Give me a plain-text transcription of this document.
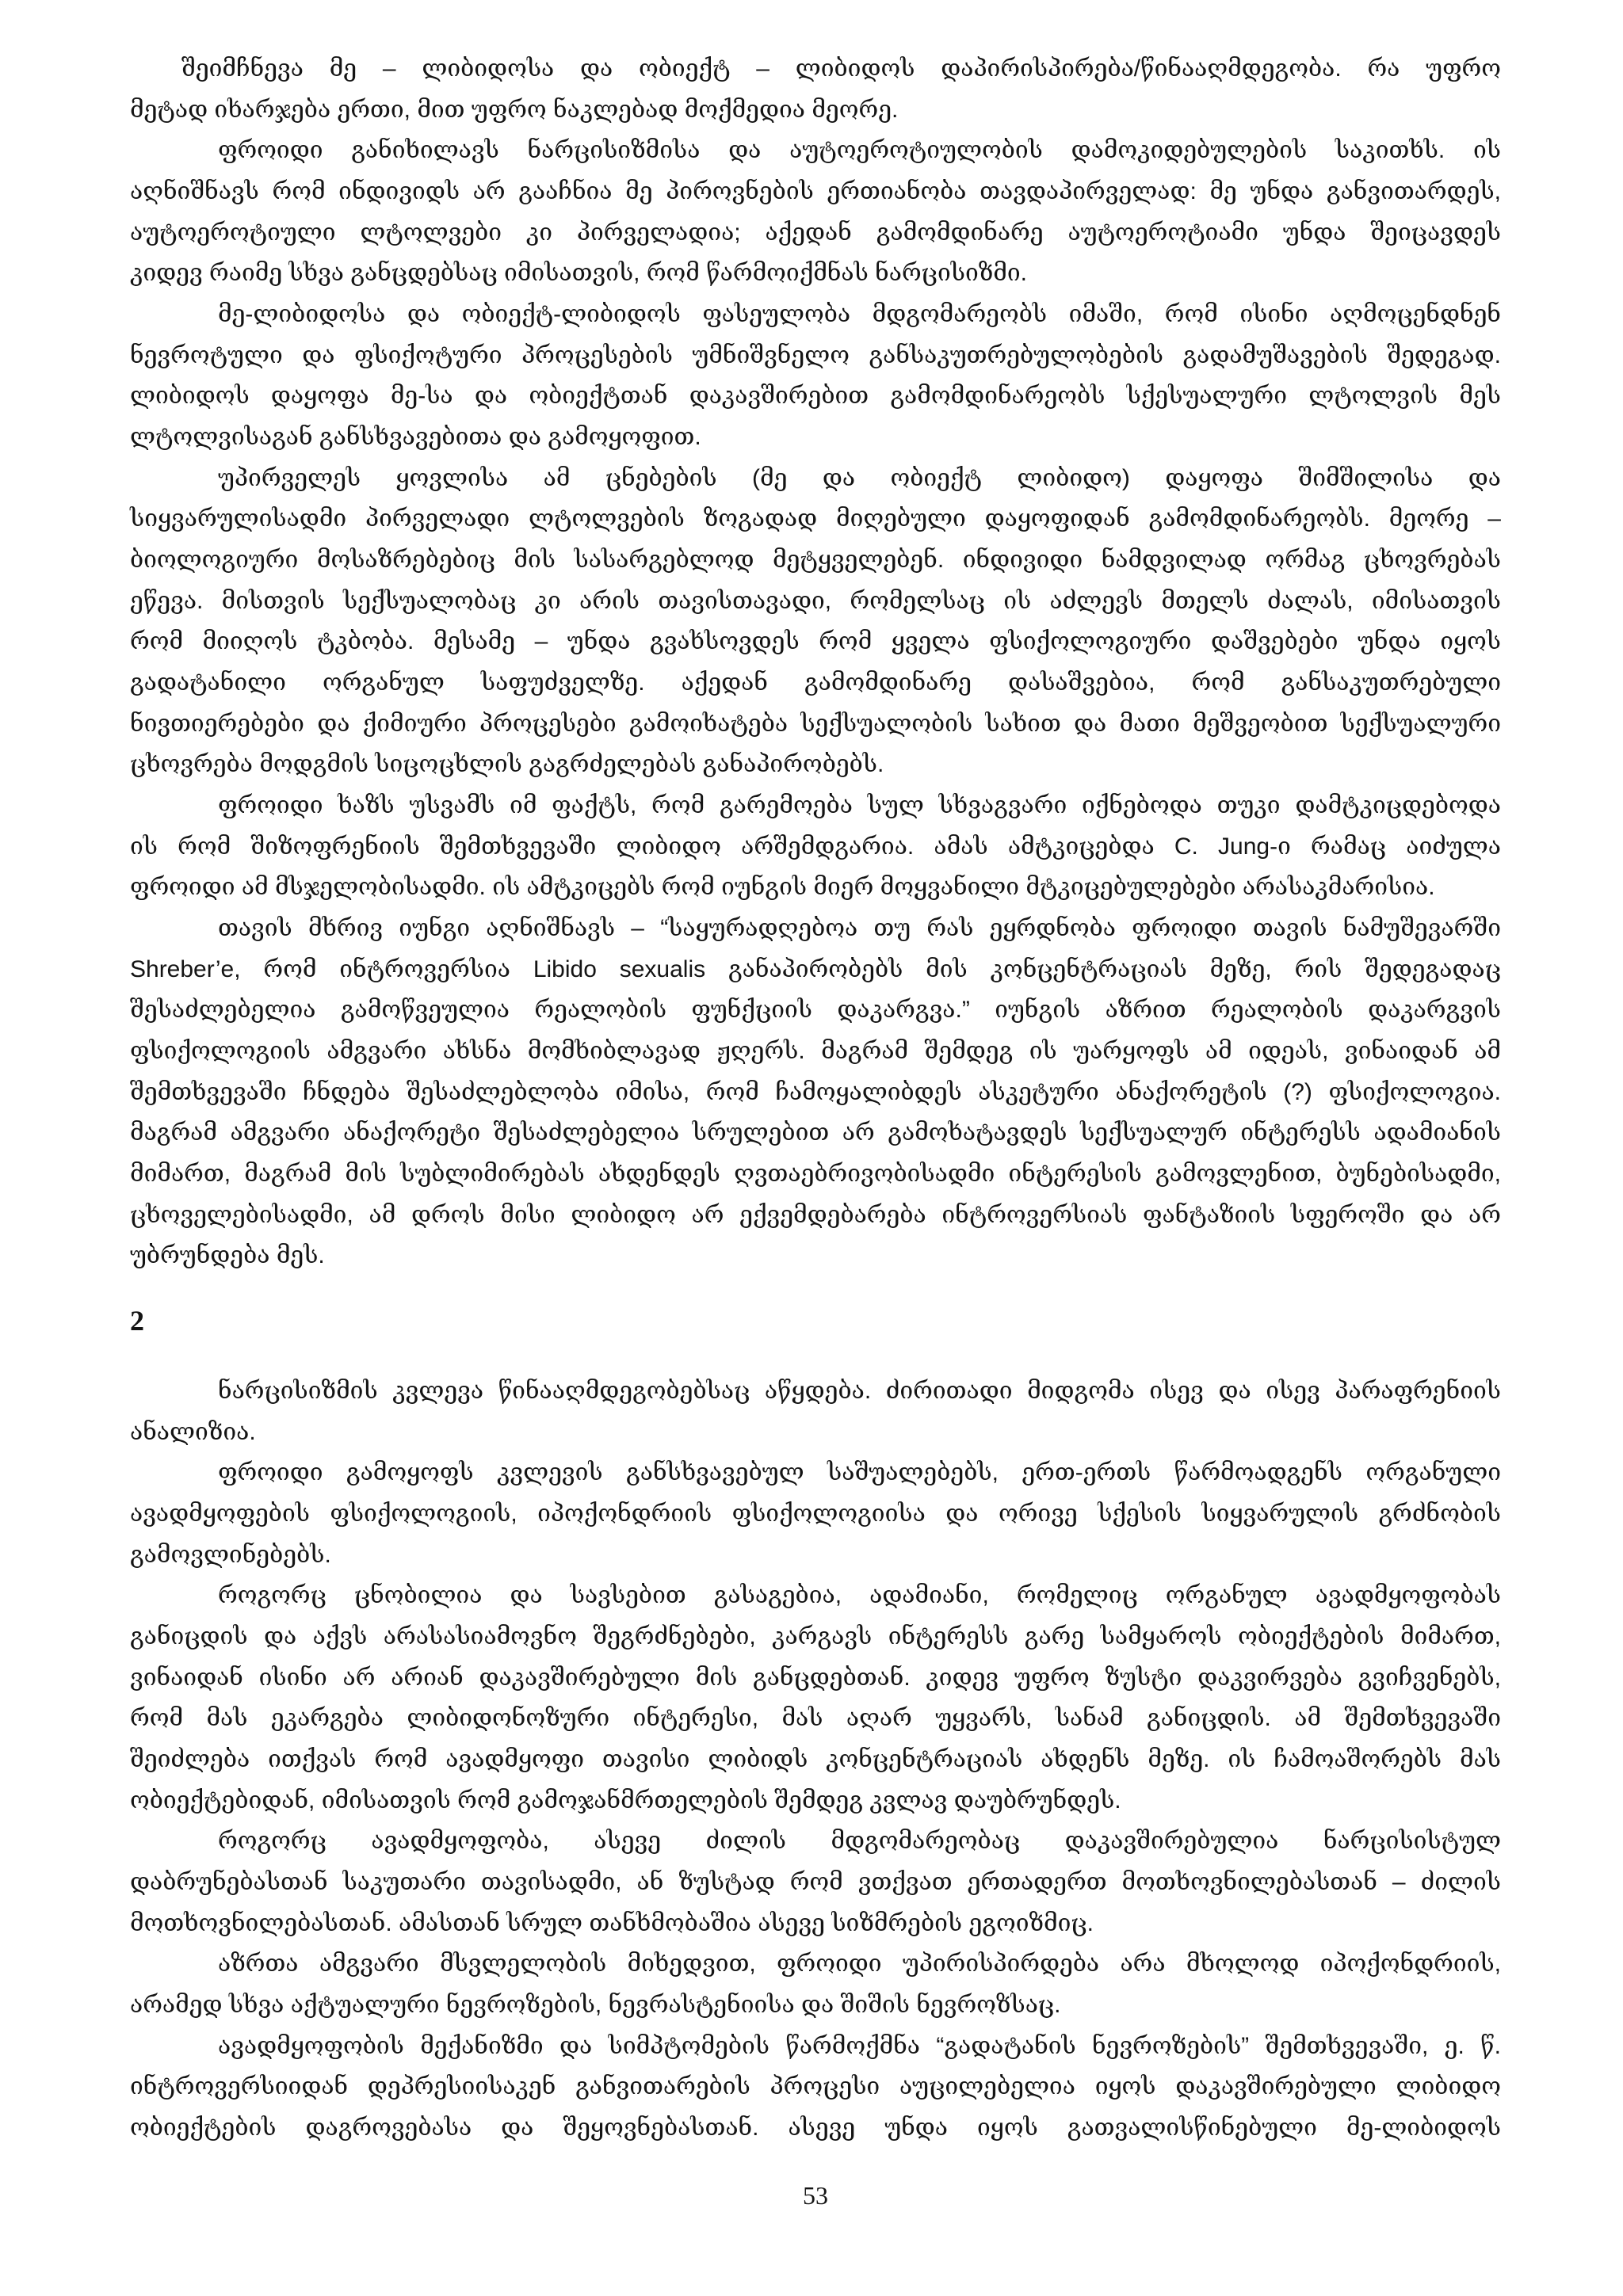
შეიმჩნევა მე – ლიბიდოსა და ობიექტ – ლიბიდოს დაპირისპირება/წინააღმდეგობა. რა უფრო
მეტად იხარჯება ერთი, მით უფრო ნაკლებად მოქმედია მეორე.
ფროიდი განიხილავს ნარცისიზმისა და აუტოეროტიულობის დამოკიდებულების საკითხს. ის
აღნიშნავს რომ ინდივიდს არ გააჩნია მე პიროვნების ერთიანობა თავდაპირველად: მე უნდა განვითარდეს,
აუტოეროტიული ლტოლვები კი პირველადია; აქედან გამომდინარე აუტოეროტიამი უნდა შეიცავდეს
კიდევ რაიმე სხვა განცდებსაც იმისათვის, რომ წარმოიქმნას ნარცისიზმი.
მე-ლიბიდოსა და ობიექტ-ლიბიდოს ფასეულობა მდგომარეობს იმაში, რომ ისინი აღმოცენდნენ
ნევროტული და ფსიქოტური პროცესების უმნიშვნელო განსაკუთრებულობების გადამუშავების შედეგად.
ლიბიდოს დაყოფა მე-სა და ობიექტთან დაკავშირებით გამომდინარეობს სქესუალური ლტოლვის მეს
ლტოლვისაგან განსხვავებითა და გამოყოფით.
უპირველეს ყოვლისა ამ ცნებების (მე და ობიექტ ლიბიდო) დაყოფა შიმშილისა და
სიყვარულისადმი პირველადი ლტოლვების ზოგადად მიღებული დაყოფიდან გამომდინარეობს. მეორე –
ბიოლოგიური მოსაზრებებიც მის სასარგებლოდ მეტყველებენ. ინდივიდი ნამდვილად ორმაგ ცხოვრებას
ეწევა. მისთვის სექსუალობაც კი არის თავისთავადი, რომელსაც ის აძლევს მთელს ძალას, იმისათვის
რომ მიიღოს ტკბობა. მესამე – უნდა გვახსოვდეს რომ ყველა ფსიქოლოგიური დაშვებები უნდა იყოს
გადატანილი ორგანულ საფუძველზე. აქედან გამომდინარე დასაშვებია, რომ განსაკუთრებული
ნივთიერებები და ქიმიური პროცესები გამოიხატება სექსუალობის სახით და მათი მეშვეობით სექსუალური
ცხოვრება მოდგმის სიცოცხლის გაგრძელებას განაპირობებს.
ფროიდი ხაზს უსვამს იმ ფაქტს, რომ გარემოება სულ სხვაგვარი იქნებოდა თუკი დამტკიცდებოდა
ის რომ შიზოფრენიის შემთხვევაში ლიბიდო არშემდგარია. ამას ამტკიცებდა C. Jung-ი რამაც აიძულა
ფროიდი ამ მსჯელობისადმი. ის ამტკიცებს რომ იუნგის მიერ მოყვანილი მტკიცებულებები არასაკმარისია.
თავის მხრივ იუნგი აღნიშნავს – “საყურადღებოა თუ რას ეყრდნობა ფროიდი თავის ნამუშევარში
Shreber’e, რომ ინტროვერსია Libido sexualis განაპირობებს მის კონცენტრაციას მეზე, რის შედეგადაც
შესაძლებელია გამოწვეულია რეალობის ფუნქციის დაკარგვა.” იუნგის აზრით რეალობის დაკარგვის
ფსიქოლოგიის ამგვარი ახსნა მომხიბლავად ჟღერს. მაგრამ შემდეგ ის უარყოფს ამ იდეას, ვინაიდან ამ
შემთხვევაში ჩნდება შესაძლებლობა იმისა, რომ ჩამოყალიბდეს ასკეტური ანაქორეტის (?) ფსიქოლოგია.
მაგრამ ამგვარი ანაქორეტი შესაძლებელია სრულებით არ გამოხატავდეს სექსუალურ ინტერესს ადამიანის
მიმართ, მაგრამ მის სუბლიმირებას ახდენდეს ღვთაებრივობისადმი ინტერესის გამოვლენით, ბუნებისადმი,
ცხოველებისადმი, ამ დროს მისი ლიბიდო არ ექვემდებარება ინტროვერსიას ფანტაზიის სფეროში და არ
უბრუნდება მეს.
2
ნარცისიზმის კვლევა წინააღმდეგობებსაც აწყდება. ძირითადი მიდგომა ისევ და ისევ პარაფრენიის
ანალიზია.
ფროიდი გამოყოფს კვლევის განსხვავებულ საშუალებებს, ერთ-ერთს წარმოადგენს ორგანული
ავადმყოფების ფსიქოლოგიის, იპოქონდრიის ფსიქოლოგიისა და ორივე სქესის სიყვარულის გრძნობის
გამოვლინებებს.
როგორც ცნობილია და სავსებით გასაგებია, ადამიანი, რომელიც ორგანულ ავადმყოფობას
განიცდის და აქვს არასასიამოვნო შეგრძნებები, კარგავს ინტერესს გარე სამყაროს ობიექტების მიმართ,
ვინაიდან ისინი არ არიან დაკავშირებული მის განცდებთან. კიდევ უფრო ზუსტი დაკვირვება გვიჩვენებს,
რომ მას ეკარგება ლიბიდონოზური ინტერესი, მას აღარ უყვარს, სანამ განიცდის. ამ შემთხვევაში
შეიძლება ითქვას რომ ავადმყოფი თავისი ლიბიდს კონცენტრაციას ახდენს მეზე. ის ჩამოაშორებს მას
ობიექტებიდან, იმისათვის რომ გამოჯანმრთელების შემდეგ კვლავ დაუბრუნდეს.
როგორც ავადმყოფობა, ასევე ძილის მდგომარეობაც დაკავშირებულია ნარცისისტულ
დაბრუნებასთან საკუთარი თავისადმი, ან ზუსტად რომ ვთქვათ ერთადერთ მოთხოვნილებასთან – ძილის
მოთხოვნილებასთან. ამასთან სრულ თანხმობაშია ასევე სიზმრების ეგოიზმიც.
აზრთა ამგვარი მსვლელობის მიხედვით, ფროიდი უპირისპირდება არა მხოლოდ იპოქონდრიის,
არამედ სხვა აქტუალური ნევროზების, ნევრასტენიისა და შიშის ნევროზსაც.
ავადმყოფობის მექანიზმი და სიმპტომების წარმოქმნა “გადატანის ნევროზების” შემთხვევაში, ე. წ.
ინტროვერსიიდან დეპრესიისაკენ განვითარების პროცესი აუცილებელია იყოს დაკავშირებული ლიბიდო
ობიექტების დაგროვებასა და შეყოვნებასთან. ასევე უნდა იყოს გათვალისწინებული მე-ლიბიდოს
53
